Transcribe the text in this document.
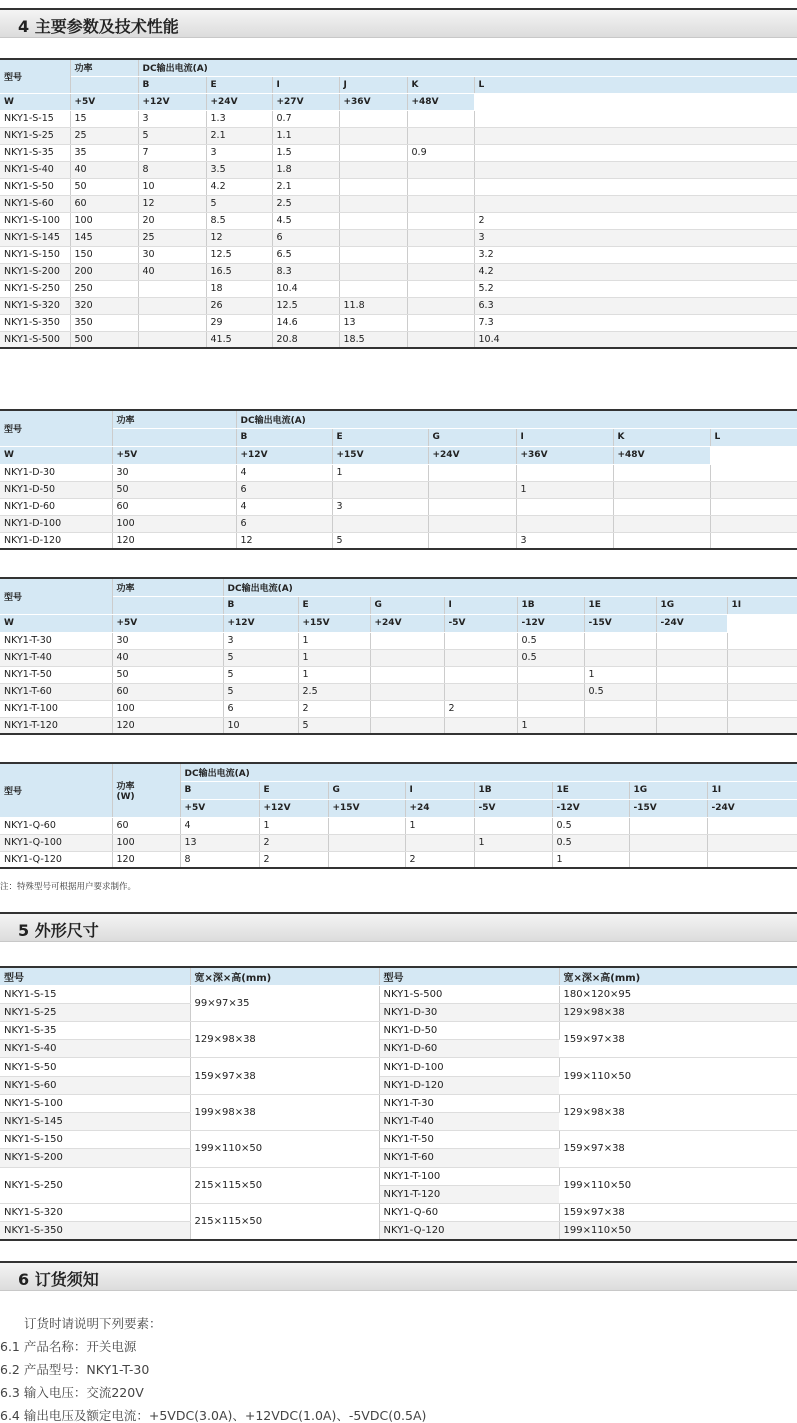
4 主要参数及技术性能
型号	功率	DC输出电流(A)					
		B	E	I	J	K	L
W	+5V	+12V	+24V	+27V	+36V	+48V	
NKY1-S-15	15	3	1.3	0.7			
NKY1-S-25	25	5	2.1	1.1			
NKY1-S-35	35	7	3	1.5		0.9	
NKY1-S-40	40	8	3.5	1.8			
NKY1-S-50	50	10	4.2	2.1			
NKY1-S-60	60	12	5	2.5			
NKY1-S-100	100	20	8.5	4.5			2
NKY1-S-145	145	25	12	6			3
NKY1-S-150	150	30	12.5	6.5			3.2
NKY1-S-200	200	40	16.5	8.3			4.2
NKY1-S-250	250		18	10.4			5.2
NKY1-S-320	320		26	12.5	11.8		6.3
NKY1-S-350	350		29	14.6	13		7.3
NKY1-S-500	500		41.5	20.8	18.5		10.4
型号	功率	DC输出电流(A)					
		B	E	G	I	K	L
W	+5V	+12V	+15V	+24V	+36V	+48V	
NKY1-D-30	30	4	1				
NKY1-D-50	50	6			1		
NKY1-D-60	60	4	3				
NKY1-D-100	100	6					
NKY1-D-120	120	12	5		3		
型号	功率	DC输出电流(A)							
		B	E	G	I	1B	1E	1G	1I
W	+5V	+12V	+15V	+24V	-5V	-12V	-15V	-24V	
NKY1-T-30	30	3	1			0.5			
NKY1-T-40	40	5	1			0.5			
NKY1-T-50	50	5	1				1		
NKY1-T-60	60	5	2.5				0.5		
NKY1-T-100	100	6	2		2				
NKY1-T-120	120	10	5			1			
型号	功率
(W)	DC输出电流(A)							
		B	E	G	I	1B	1E	1G	1I
		+5V	+12V	+15V	+24	-5V	-12V	-15V	-24V
NKY1-Q-60	60	4	1		1		0.5		
NKY1-Q-100	100	13	2			1	0.5		
NKY1-Q-120	120	8	2		2		1		
注：特殊型号可根据用户要求制作。
5 外形尺寸
型号	宽×深×高(mm)	型号	宽×深×高(mm)
NKY1-S-15	99×97×35	NKY1-S-500	180×120×95
NKY1-S-25		NKY1-D-30	129×98×38
NKY1-S-35	129×98×38	NKY1-D-50	159×97×38
NKY1-S-40		NKY1-D-60	
NKY1-S-50	159×97×38	NKY1-D-100	199×110×50
NKY1-S-60		NKY1-D-120	
NKY1-S-100	199×98×38	NKY1-T-30	129×98×38
NKY1-S-145		NKY1-T-40	
NKY1-S-150	199×110×50	NKY1-T-50	159×97×38
NKY1-S-200		NKY1-T-60	
NKY1-S-250	215×115×50	NKY1-T-100	199×110×50
		NKY1-T-120	
NKY1-S-320	215×115×50	NKY1-Q-60	159×97×38
NKY1-S-350		NKY1-Q-120	199×110×50
6 订货须知
订货时请说明下列要素：
6.1 产品名称：开关电源
6.2 产品型号：NKY1-T-30
6.3 输入电压：交流220V
6.4 输出电压及额定电流：+5VDC(3.0A)、+12VDC(1.0A)、-5VDC(0.5A)
